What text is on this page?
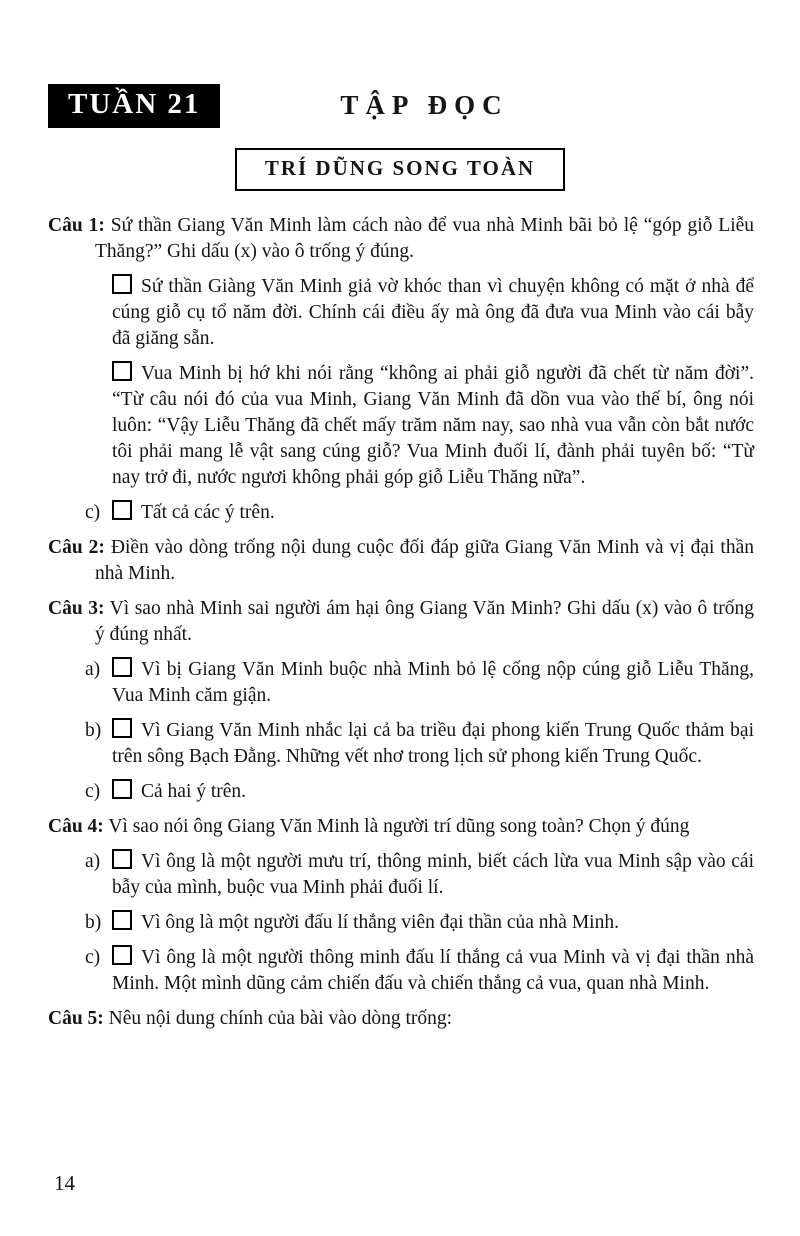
TUẦN 21	TẬP ĐỌC
TRÍ DŨNG SONG TOÀN

Câu 1: Sứ thần Giang Văn Minh làm cách nào để vua nhà Minh bãi bỏ lệ “góp giỗ Liễu Thăng?” Ghi dấu (x) vào ô trống ý đúng.

Sứ thần Giàng Văn Minh giả vờ khóc than vì chuyện không có mặt ở nhà để cúng giỗ cụ tổ năm đời. Chính cái điều ấy mà ông đã đưa vua Minh vào cái bẫy đã giăng sẵn.

Vua Minh bị hớ khi nói rằng “không ai phải giỗ người đã chết từ năm đời”. “Từ câu nói đó của vua Minh, Giang Văn Minh đã dồn vua vào thế bí, ông nói luôn: “Vậy Liễu Thăng đã chết mấy trăm năm nay, sao nhà vua vẫn còn bắt nước tôi phải mang lễ vật sang cúng giỗ? Vua Minh đuối lí, đành phải tuyên bố: “Từ nay trở đi, nước ngươi không phải góp giỗ Liễu Thăng nữa”.

c) Tất cả các ý trên.

Câu 2: Điền vào dòng trống nội dung cuộc đối đáp giữa Giang Văn Minh và vị đại thần nhà Minh.

Câu 3: Vì sao nhà Minh sai người ám hại ông Giang Văn Minh? Ghi dấu (x) vào ô trống ý đúng nhất.

a) Vì bị Giang Văn Minh buộc nhà Minh bỏ lệ cống nộp cúng giỗ Liễu Thăng, Vua Minh căm giận.

b) Vì Giang Văn Minh nhắc lại cả ba triều đại phong kiến Trung Quốc thảm bại trên sông Bạch Đằng. Những vết nhơ trong lịch sử phong kiến Trung Quốc.

c) Cả hai ý trên.

Câu 4: Vì sao nói ông Giang Văn Minh là người trí dũng song toàn? Chọn ý đúng

a) Vì ông là một người mưu trí, thông minh, biết cách lừa vua Minh sập vào cái bẫy của mình, buộc vua Minh phải đuối lí.

b) Vì ông là một người đấu lí thắng viên đại thần của nhà Minh.

c) Vì ông là một người thông minh đấu lí thắng cả vua Minh và vị đại thần nhà Minh. Một mình dũng cảm chiến đấu và chiến thắng cả vua, quan nhà Minh.

Câu 5: Nêu nội dung chính của bài vào dòng trống:

14
